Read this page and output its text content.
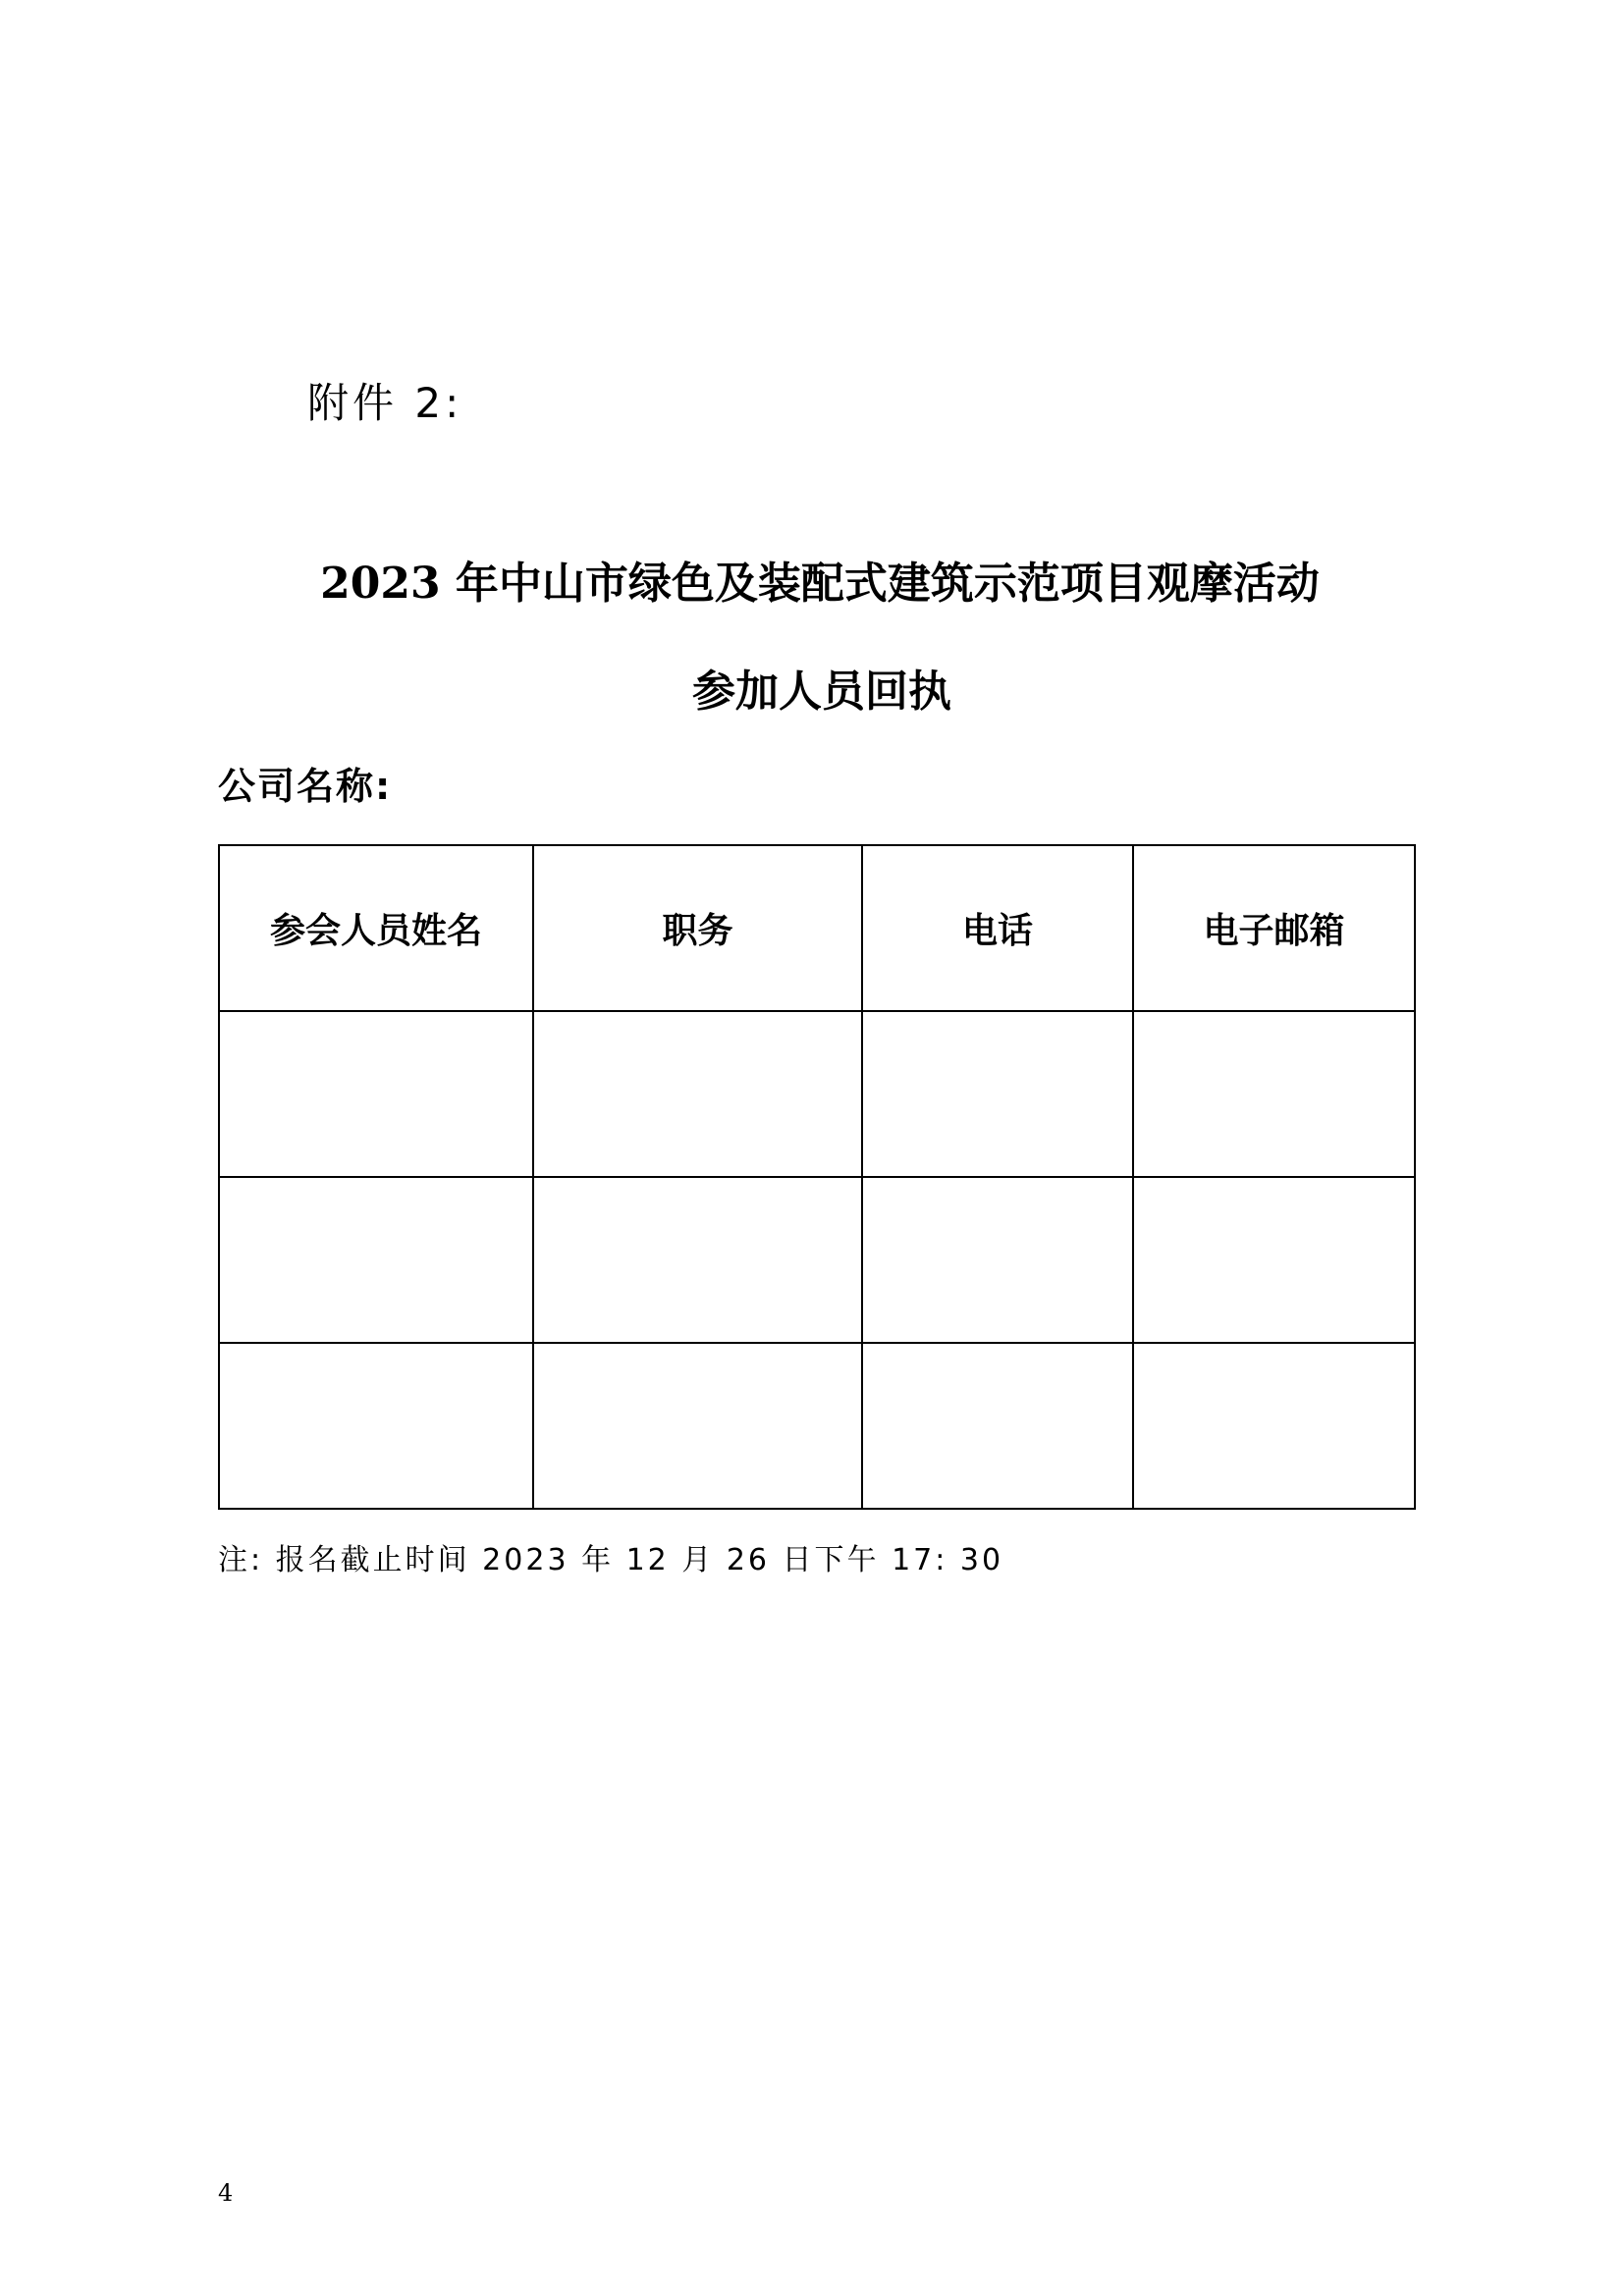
附件 2:
2023 年中山市绿色及装配式建筑示范项目观摩活动
参加人员回执
公司名称:
参会人员姓名	职务	电话	电子邮箱

注: 报名截止时间 2023 年 12 月 26 日下午 17: 30
4
